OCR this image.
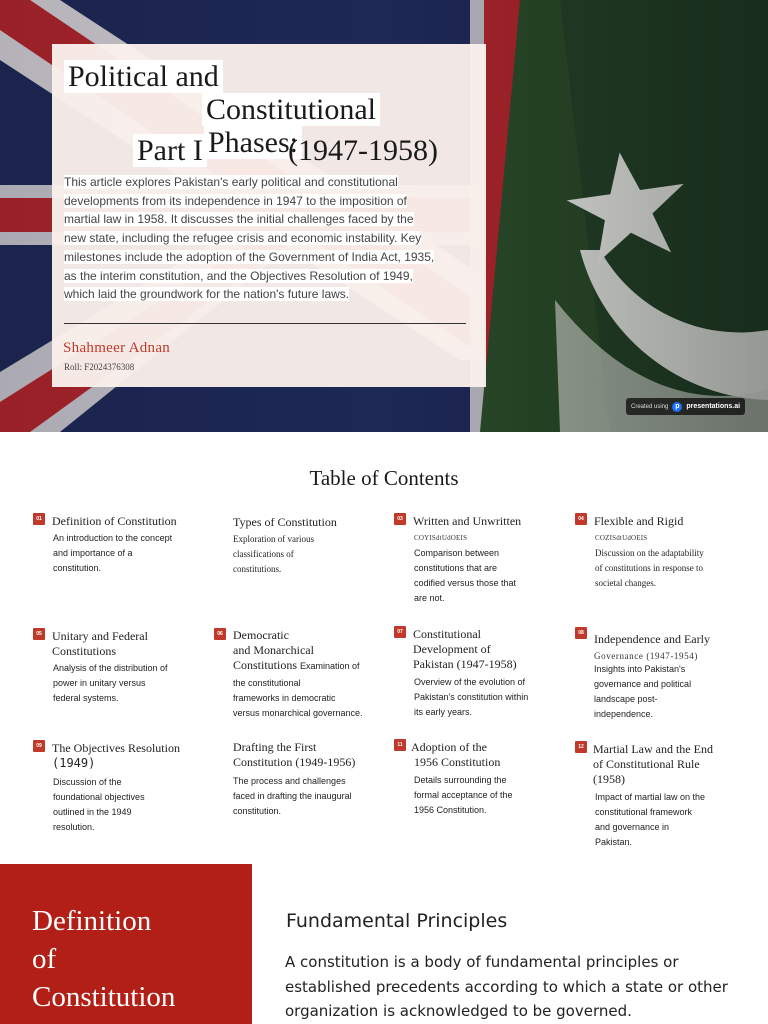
Political and
Constitutional
Part I Phases:
(1947-1958)
This article explores Pakistan's early political and constitutional
developments from its independence in 1947 to the imposition of
martial law in 1958. It discusses the initial challenges faced by the
new state, including the refugee crisis and economic instability. Key
milestones include the adoption of the Government of India Act, 1935,
as the interim constitution, and the Objectives Resolution of 1949,
which laid the groundwork for the nation's future laws.
Shahmeer Adnan
Roll: F2024376308
Created using p presentations.ai
Table of Contents
01 Definition of Constitution
An introduction to the concept
and importance of a
constitution.
Types of Constitution
Exploration of various
classifications of
constitutions.
03 Written and Unwritten
COYISdtUdOEIS
Comparison between
constitutions that are
codified versus those that
are not.
04 Flexible and Rigid
COZISdtUdOEIS
Discussion on the adaptability
of constitutions in response to
societal changes.
05 Unitary and Federal
Constitutions
Analysis of the distribution of
power in unitary versus
federal systems.
06 Democratic
and Monarchical
Constitutions Examination of
the constitutional
frameworks in democratic
versus monarchical governance.
07 Constitutional
Development of
Pakistan (1947-1958)
Overview of the evolution of
Pakistan's constitution within
its early years.
08 Independence and Early
Governance (1947-1954)
Insights into Pakistan's
governance and political
landscape post-
independence.
09 The Objectives Resolution
(1949)
Discussion of the
foundational objectives
outlined in the 1949
resolution.
Drafting the First
Constitution (1949-1956)
The process and challenges
faced in drafting the inaugural
constitution.
11 Adoption of the
1956 Constitution
Details surrounding the
formal acceptance of the
1956 Constitution.
12 Martial Law and the End
of Constitutional Rule
(1958)
Impact of martial law on the
constitutional framework
and governance in
Pakistan.
Definition
of
Constitution
Fundamental Principles
A constitution is a body of fundamental principles or established precedents according to which a state or other organization is acknowledged to be governed.
